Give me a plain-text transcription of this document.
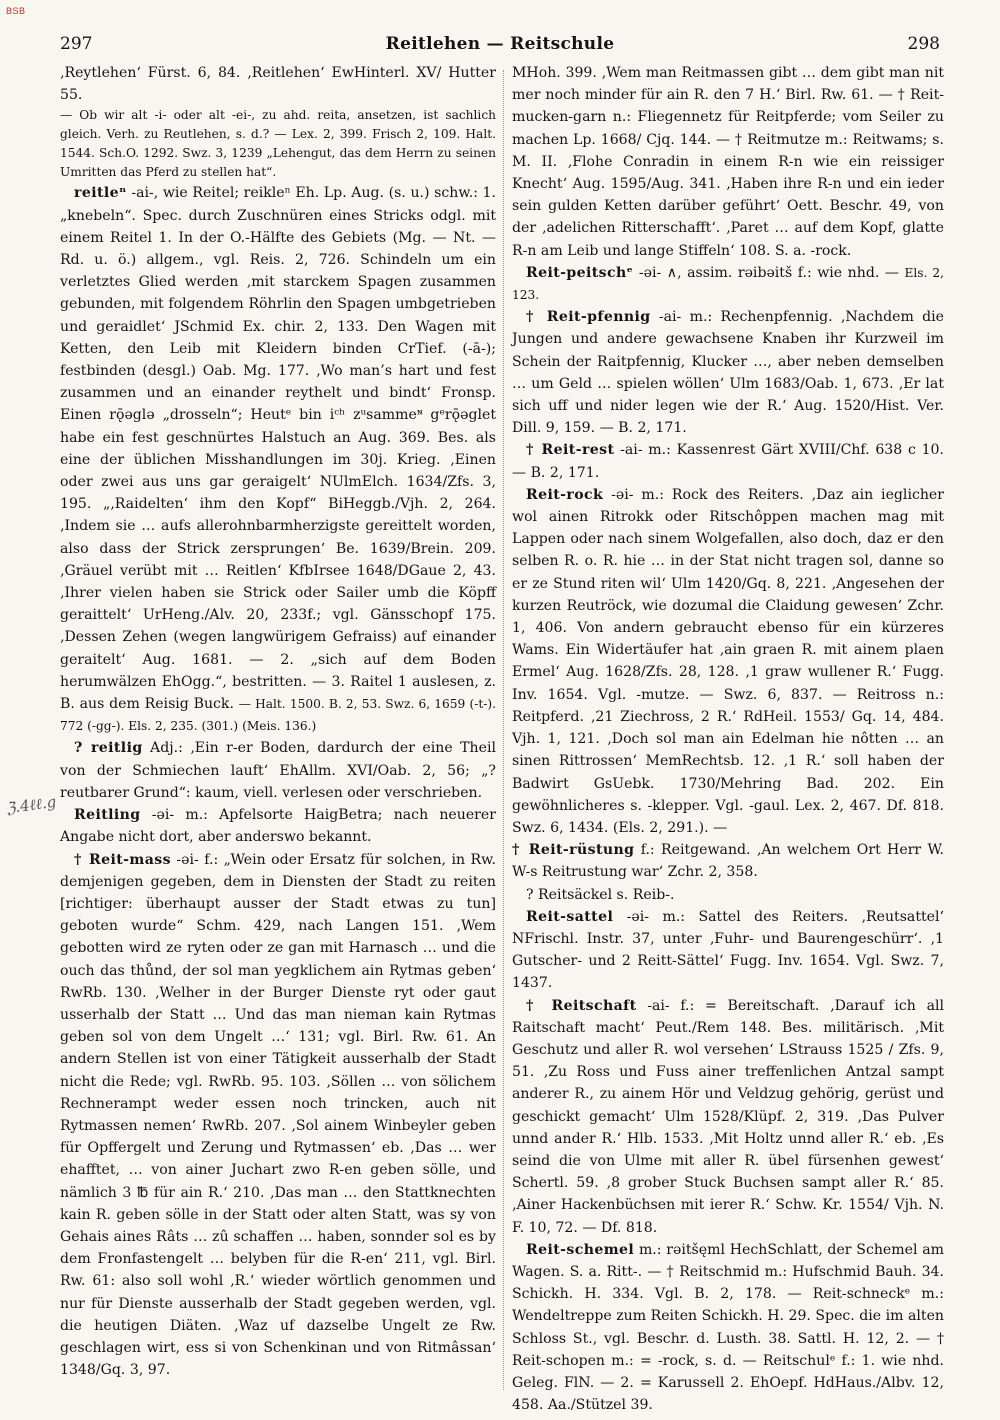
BSB
297	Reitlehen — Reitschule	298
ℨ.4ℓℓ.g

‚Reytlehen‘ Fürst. 6, 84. ‚Reitlehen‘ EwHinterl. XV/ Hutter 55.

— Ob wir alt -i- oder alt -ei-, zu ahd. reita, ansetzen, ist sachlich gleich. Verh. zu Reutlehen, s. d.? — Lex. 2, 399. Frisch 2, 109. Halt. 1544. Sch.O. 1292. Swz. 3, 1239 „Lehengut, das dem Herrn zu seinen Umritten das Pferd zu stellen hat“.

reitleⁿ -ai-, wie Reitel; reikleⁿ Eh. Lp. Aug. (s. u.) schw.: 1. „knebeln“. Spec. durch Zuschnüren eines Stricks odgl. mit einem Reitel 1. In der O.-Hälfte des Gebiets (Mg. — Nt. — Rd. u. ö.) allgem., vgl. Reis. 2, 726. Schindeln um ein verletztes Glied werden ‚mit starckem Spagen zusammen gebunden, mit folgendem Röhrlin den Spagen umbgetrieben und geraidlet‘ JSchmid Ex. chir. 2, 133. Den Wagen mit Ketten, den Leib mit Kleidern binden CrTief. (-ā-); festbinden (desgl.) Oab. Mg. 177. ‚Wo man’s hart und fest zusammen und an einander reythelt und bindt‘ Fronsp. Einen rǭəglə „drosseln“; Heutᵉ bin iᶜʰ zᵘsammeᶰ gᵉrǭəglet habe ein fest geschnürtes Halstuch an Aug. 369. Bes. als eine der üblichen Misshandlungen im 30j. Krieg. ‚Einen oder zwei aus uns gar geraigelt‘ NUlmElch. 1634/Zfs. 3, 195. „‚Raidelten‘ ihm den Kopf“ BiHeggb./Vjh. 2, 264. ‚Indem sie … aufs allerohnbarmherzigste gereittelt worden, also dass der Strick zersprungen‘ Be. 1639/Brein. 209. ‚Gräuel verübt mit … Reitlen‘ KfbIrsee 1648/DGaue 2, 43. ‚Ihrer vielen haben sie Strick oder Sailer umb die Köpff geraittelt‘ UrHeng./Alv. 20, 233f.; vgl. Gänsschopf 175. ‚Dessen Zehen (wegen langwürigem Gefraiss) auf einander geraitelt‘ Aug. 1681. — 2. „sich auf dem Boden herumwälzen EhOgg.“, bestritten. — 3. Raitel 1 auslesen, z. B. aus dem Reisig Buck. — Halt. 1500. B. 2, 53. Swz. 6, 1659 (-t-). 772 (-gg-). Els. 2, 235. (301.) (Meis. 136.)

? reitlig Adj.: ‚Ein r-er Boden, dardurch der eine Theil von der Schmiechen lauft‘ EhAllm. XVI/Oab. 2, 56; „? reutbarer Grund“: kaum, viell. verlesen oder verschrieben.

Reitling -əi- m.: Apfelsorte HaigBetra; nach neuerer Angabe nicht dort, aber anderswo bekannt.

† Reit-mass -əi- f.: „Wein oder Ersatz für solchen, in Rw. demjenigen gegeben, dem in Diensten der Stadt zu reiten [richtiger: überhaupt ausser der Stadt etwas zu tun] geboten wurde“ Schm. 429, nach Langen 151. ‚Wem gebotten wird ze ryten oder ze gan mit Harnasch … und die ouch das thůnd, der sol man yegklichem ain Rytmas geben‘ RwRb. 130. ‚Welher in der Burger Dienste ryt oder gaut usserhalb der Statt … Und das man nieman kain Rytmas geben sol von dem Ungelt …‘ 131; vgl. Birl. Rw. 61. An andern Stellen ist von einer Tätigkeit ausserhalb der Stadt nicht die Rede; vgl. RwRb. 95. 103. ‚Söllen … von sölichem Rechnerampt weder essen noch trincken, auch nit Rytmassen nemen‘ RwRb. 207. ‚Sol ainem Winbeyler geben für Opffergelt und Zerung und Rytmassen‘ eb. ‚Das … wer ehafftet, … von ainer Juchart zwo R-en geben sölle, und nämlich 3 ℔ für ain R.‘ 210. ‚Das man … den Stattknechten kain R. geben sölle in der Statt oder alten Statt, was sy von Gehais aines Râts … zû schaffen … haben, sonnder sol es by dem Fronfastengelt … belyben für die R-en‘ 211, vgl. Birl. Rw. 61: also soll wohl ‚R.‘ wieder wörtlich genommen und nur für Dienste ausserhalb der Stadt gegeben werden, vgl. die heutigen Diäten. ‚Waz uf dazselbe Ungelt ze Rw. geschlagen wirt, ess si von Schenkinan und von Ritmâssan‘ 1348/Gq. 3, 97.

MHoh. 399. ‚Wem man Reitmassen gibt … dem gibt man nit mer noch minder für ain R. den 7 H.‘ Birl. Rw. 61. — † Reit-mucken-garn n.: Fliegennetz für Reitpferde; vom Seiler zu machen Lp. 1668/ Cjq. 144. — † Reitmutze m.: Reitwams; s. M. II. ‚Flohe Conradin in einem R-n wie ein reissiger Knecht‘ Aug. 1595/Aug. 341. ‚Haben ihre R-n und ein ieder sein gulden Ketten darüber geführt‘ Oett. Beschr. 49, von der ‚adelichen Ritterschafft‘. ‚Paret … auf dem Kopf, glatte R-n am Leib und lange Stiffeln‘ 108. S. a. -rock.

Reit-peitschᵉ -əi- ∧, assim. rəibəitš f.: wie nhd. — Els. 2, 123.

† Reit-pfennig -ai- m.: Rechenpfennig. ‚Nachdem die Jungen und andere gewachsene Knaben ihr Kurzweil im Schein der Raitpfennig, Klucker …, aber neben demselben … um Geld … spielen wöllen‘ Ulm 1683/Oab. 1, 673. ‚Er lat sich uff und nider legen wie der R.‘ Aug. 1520/Hist. Ver. Dill. 9, 159. — B. 2, 171.

† Reit-rest -ai- m.: Kassenrest Gärt XVIII/Chf. 638 c 10. — B. 2, 171.

Reit-rock -əi- m.: Rock des Reiters. ‚Daz ain ieglicher wol ainen Ritrokk oder Ritschôppen machen mag mit Lappen oder nach sinem Wolgefallen, also doch, daz er den selben R. o. R. hie … in der Stat nicht tragen sol, danne so er ze Stund riten wil‘ Ulm 1420/Gq. 8, 221. ‚Angesehen der kurzen Reutröck, wie dozumal die Claidung gewesen‘ Zchr. 1, 406. Von andern gebraucht ebenso für ein kürzeres Wams. Ein Widertäufer hat ‚ain graen R. mit ainem plaen Ermel‘ Aug. 1628/Zfs. 28, 128. ‚1 graw wullener R.‘ Fugg. Inv. 1654. Vgl. -mutze. — Swz. 6, 837. — Reitross n.: Reitpferd. ‚21 Ziechross, 2 R.‘ RdHeil. 1553/ Gq. 14, 484. Vjh. 1, 121. ‚Doch sol man ain Edelman hie nôtten … an sinen Rittrossen‘ MemRechtsb. 12. ‚1 R.‘ soll haben der Badwirt GsUebk. 1730/Mehring Bad. 202. Ein gewöhnlicheres s. -klepper. Vgl. -gaul. Lex. 2, 467. Df. 818. Swz. 6, 1434. (Els. 2, 291.). —

† Reit-rüstung f.: Reitgewand. ‚An welchem Ort Herr W. W-s Reitrustung war‘ Zchr. 2, 358.

? Reitsäckel s. Reib-.

Reit-sattel -əi- m.: Sattel des Reiters. ‚Reutsattel‘ NFrischl. Instr. 37, unter ‚Fuhr- und Baurengeschürr‘. ‚1 Gutscher- und 2 Reitt-Sättel‘ Fugg. Inv. 1654. Vgl. Swz. 7, 1437.

† Reitschaft -ai- f.: = Bereitschaft. ‚Darauf ich all Raitschaft macht‘ Peut./Rem 148. Bes. militärisch. ‚Mit Geschutz und aller R. wol versehen‘ LStrauss 1525 / Zfs. 9, 51. ‚Zu Ross und Fuss ainer treffenlichen Antzal sampt anderer R., zu ainem Hör und Veldzug gehörig, gerüst und geschickt gemacht‘ Ulm 1528/Klüpf. 2, 319. ‚Das Pulver unnd ander R.‘ Hlb. 1533. ‚Mit Holtz unnd aller R.‘ eb. ‚Es seind die von Ulme mit aller R. übel fürsenhen gewest‘ Schertl. 59. ‚8 grober Stuck Buchsen sampt aller R.‘ 85. ‚Ainer Hackenbüchsen mit ierer R.‘ Schw. Kr. 1554/ Vjh. N. F. 10, 72. — Df. 818.

Reit-schemel m.: rəitšęml HechSchlatt, der Schemel am Wagen. S. a. Ritt-. — † Reitschmid m.: Hufschmid Bauh. 34. Schickh. H. 334. Vgl. B. 2, 178. — Reit-schneckᵉ m.: Wendeltreppe zum Reiten Schickh. H. 29. Spec. die im alten Schloss St., vgl. Beschr. d. Lusth. 38. Sattl. H. 12, 2. — † Reit-schopen m.: = -rock, s. d. — Reitschulᵉ f.: 1. wie nhd. Geleg. FlN. — 2. = Karussell 2. EhOepf. HdHaus./Albv. 12, 458. Aa./Stützel 39.
